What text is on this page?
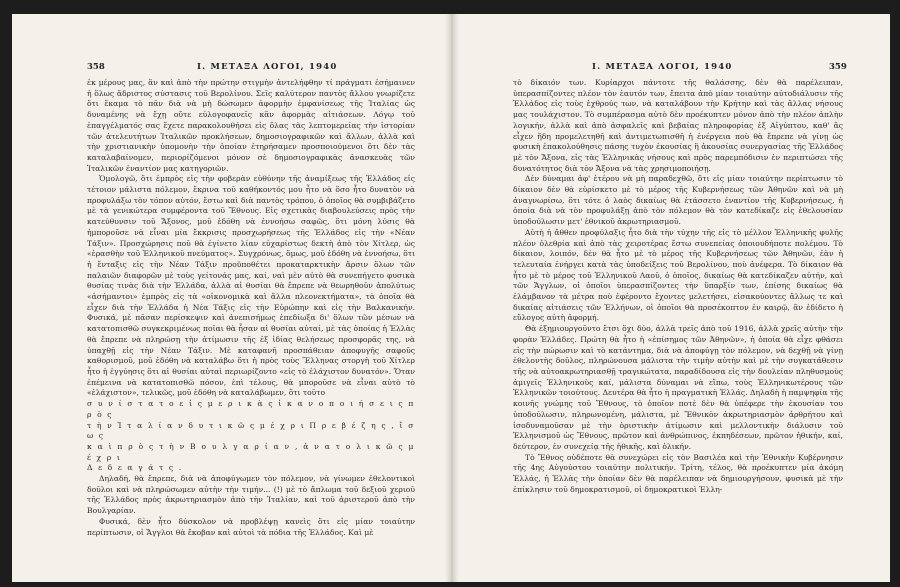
358	Ι. ΜΕΤΑΞΑ ΛΟΓΟΙ, 1940

ἐκ μέρους μας, ἂν καὶ ἀπὸ τὴν πρώτην στιγμὴν ἀντελήφθην τί πράγματι ἐσήμαινεν ἡ ὅλως ἄδριστος σύστασις τοῦ Βερολίνου. Σεῖς καλύτερον παντὸς ἄλλου γνωρίζετε ὅτι ἔκαμα τὸ πᾶν διὰ νὰ μὴ δώσωμεν ἀφορμὴν ἐμφανίσεως τῆς Ἰταλίας ὡς δυναμένης νὰ ἔχῃ οὔτε εὐλογοφανεῖς κἂν ἀφορμὰς αἰτιάσεων. Λόγῳ τοῦ ἐπαγγέλματός σας ἔχετε παρακολουθήσει εἰς ὅλας τὰς λεπτομερείας τὴν ἱστορίαν τῶν ἀτελευτήτων Ἰταλικῶν προκλήσεων, δημοσιογραφικῶν καὶ ἄλλων, ἀλλὰ καὶ τὴν χριστιανικὴν ὑπομονὴν τὴν ὁποίαν ἐτηρήσαμεν προσποιούμενοι ὅτι δὲν τὰς καταλαβαίνομεν, περιορίζόμενοι μόνον σὲ δημοσιογραφικὰς ἀνασκευὰς τῶν Ἰταλικῶν ἐναντίον μας κατηγοριῶν.

Ὁμολογῶ, ὅτι ἐμπρὸς εἰς τὴν φοβερὰν εὐθύνην τῆς ἀναμίξεως τῆς Ἑλλάδος εἰς τέτοιον μάλιστα πόλεμον, ἔκρινα τοῦ καθήκοντός μου ἦτο νὰ ὅσο ἦτο δυνατὸν νὰ προφυλάξω τὸν τόπον αὐτόν, ἔστω καὶ διὰ παντὸς τρόπου, ὁ ὁποῖος θὰ συμβιβάζετο μὲ τὰ γενικώτερα συμφέροντα τοῦ Ἔθνους. Εἰς σχετικὰς διαβουλεύσεις πρὸς τὴν κατεύθυνσιν τοῦ Ἄξονος, μοῦ ἐδόθη νὰ ἐννοήσω σαφῶς, ὅτι μόνη λύσις θὰ ἠμποροῦσε νὰ εἶναι μία ἔκκρισις προσχωρήσεως τῆς Ἑλλάδος εἰς τὴν «Νέαν Τάξιν». Προσχώρησις ποῦ θὰ ἐγίνετο λίαν εὐχαρίστως δεκτὴ ἀπὸ τὸν Χίτλερ, ὡς «ἐρασθὴν τοῦ Ἑλληνικοῦ πνεύματος». Συγχρόνως, ὅμως, μοῦ ἐδόθη νὰ ἐννοήσω, ὅτι ἡ ἔνταξις εἰς τὴν Νέαν Τάξιν προϋποθέτει προκαταρκτικὴν ἄρσιν ὅλων τῶν παλαιῶν διαφορῶν μὲ τοὺς γείτονάς μας, καί, ναὶ μὲν αὐτὸ θὰ συνεπήγετο φυσικὰ θυσίας τινὰς διὰ τὴν Ἑλλάδα, ἀλλὰ αἱ θυσίαι θὰ ἔπρεπε νὰ θεωρηθοῦν ἀπολύτως «ἀσήμαντοι» ἐμπρὸς εἰς τὰ «οἰκονομικὰ καὶ ἄλλα πλεονεκτήματα», τὰ ὁποῖα θὰ εἶχεν διὰ τὴν Ἑλλάδα ἡ Νέα Τάξις εἰς τὴν Εὐρώπην καὶ εἰς τὴν Βαλκανικήν. Φυσικά, μὲ πᾶσαν περίσκεψιν καὶ ἀνεπισήμως ἐπεδίωξα δι' ὅλων τῶν μέσων νὰ κατατοπισθῶ συγκεκριμένως ποῖαι θὰ ἦσαν αἱ θυσίαι αὐταί, μὲ τὰς ὁποίας ἡ Ἑλλὰς θὰ ἔπρεπε νὰ πληρώσῃ τὴν ἀτίμωσιν τῆς ἐξ ἰδίας θελήσεως προσφορᾶς της, νὰ ὑπαχθῇ εἰς τὴν Νέαν Τάξιν. Μὲ καταφανῆ προσπάθειαν ἀποφυγῆς σαφοῦς καθορισμοῦ, μοῦ ἐδόθη νὰ καταλάβω ὅτι ἡ πρὸς τοὺς Ἕλληνας στοργὴ τοῦ Χίτλερ ἦτο ἡ ἐγγύησις ὅτι αἱ θυσίαι αὐταὶ περιωρίζοντο «εἰς τὸ ἐλάχιστον δυνατόν». Ὅταν ἐπέμεινα νὰ κατατοπισθῶ πόσον, ἐπὶ τέλους, θὰ μποροῦσε νὰ εἶναι αὐτὸ τὸ «ἐλάχιστον», τελικῶς, μοῦ ἐδόθη νὰ καταλάβωμεν, ὅτι τοῦτο

σ υ ν ί σ τ α τ ο ε ἰ ς μ ε ρ ι κ ὰ ς ἱ κ α ν ο π ο ι ή σ ε ι ς π ρ ὸ ς

τ ὴ ν Ἰ τ α λ ί α ν δ υ τ ι κ ῶ ς μ έ χ ρ ι Π ρ ε β έ ζ η ς , ἴ σ ω ς

κ α ὶ π ρ ὸ ς τ ὴ ν Β ο υ λ γ α ρ ί α ν , ἀ ν α τ ο λ ι κ ῶ ς μ έ χ ρ ι

Δ ε δ ε α γ ά τ ς .

Δηλαδή, θὰ ἔπρεπε, διὰ νὰ ἀποφύγωμεν τὸν πόλεμον, νὰ γίνωμεν ἐθελοντικοὶ δοῦλοι καὶ νὰ πληρώσωμεν αὐτὴν τὴν τιμήν... (!) μὲ τὸ ἄπλωμα τοῦ δεξιοῦ χεριοῦ τῆς Ἑλλάδος πρὸς ἀκρωτηριασμὸν ἀπὸ τὴν Ἰταλίαν, καὶ τοῦ ἀριστεροῦ ἀπὸ τὴν Βουλγαρίαν.

Φυσικά, δὲν ἦτο δύσκολον νὰ προβλέψῃ κανεὶς ὅτι εἰς μίαν τοιαύτην περίπτωσιν, οἱ Ἄγγλοι θὰ ἔκοβαν καὶ αὐτοὶ τὰ πόδια τῆς Ἑλλάδος. Καὶ μὲ

Ι. ΜΕΤΑΞΑ ΛΟΓΟΙ, 1940	359

τὸ δίκαιόν των. Κυρίαρχοι πάντοτε τῆς θαλάσσης, δὲν θὰ παρέλειπαν, ὑπερασπίζοντες πλέον τὸν ἑαυτόν των, ἔπειτα ἀπὸ μίαν τοιαύτην αὐτοδιάλυσιν τῆς Ἑλλάδος εἰς τοὺς ἐχθρούς των, νὰ καταλάβουν τὴν Κρήτην καὶ τὰς ἄλλας νήσους μας τουλάχιστον. Τὸ συμπέρασμα αὐτὸ δὲν προέκυπτεν μόνον ἀπὸ τὴν πλέον ἁπλὴν λογικήν, ἀλλὰ καὶ ἀπὸ ἀσφαλεῖς καὶ βεβαίας πληροφορίας ἐξ Αἰγύπτου, καθ' ἃς εἶχεν ἤδη προμελετηθῆ καὶ ἀντιμετωπισθῆ ἡ ἐνέργεια ποὺ θὰ ἔπρεπε νὰ γίνῃ ὡς φυσικὴ ἐπακολούθησις πάσης τυχὸν ἐκουσίας ἢ ἀκουσίας συνεργασίας τῆς Ἑλλάδος μὲ τὸν Ἄξονα, εἰς τὰς Ἑλληνικὰς νήσους καὶ πρὸς παρεμπόδισιν ἐν περιπτώσει τῆς δυνατότητος διὰ τὸν Ἄξονα νὰ τὰς χρησιμοποιήσῃ.

Δὲν δύναμαι ἀφ' ἑτέρου νὰ μὴ παραδεχθῶ, ὅτι εἰς μίαν τοιαύτην περίπτωσιν τὸ δίκαιον δὲν θὰ εὑρίσκετο μὲ τὸ μέρος τῆς Κυβερνήσεως τῶν Ἀθηνῶν καὶ νὰ μὴ ἀναγνωρίσω, ὅτι τότε ὁ λαὸς δικαίως θὰ ἐτάσσετο ἐναντίον τῆς Κυβερνήσεως, ἡ ὁποία διὰ νὰ τὸν προφυλάξῃ ἀπὸ τὸν πόλεμον θὰ τὸν κατεδίκαζε εἰς ἐθελουσίαν ὑποδούλωσιν μετ' ἐθνικοῦ ἀκρωτηριασμοῦ.

Αὐτὴ ἡ ἄθθεν προφύλαξις ἦτο διὰ τὴν τύχην τῆς εἰς τὸ μέλλον Ἑλληνικῆς φυλῆς πλέον ὀλεθρία καὶ ἀπὸ τὰς χειροτέρας ἔστω συνεπείας ὁποιουδήποτε πολέμου. Τὸ δίκαιον, λοιπόν, δὲν θὰ ἦτο μὲ τὸ μέρος τῆς Κυβερνήσεως τῶν Ἀθηνῶν, ἐὰν ἡ τελευταία ἐνήργει κατὰ τὰς ὑποδείξεις τοῦ Βερολίνου, ποὺ ἀνέφερα. Τὸ δίκαιον θὰ ἦτο μὲ τὸ μέρος τοῦ Ἑλληνικοῦ Λαοῦ, ὁ ὁποῖος, δικαίως θὰ κατεδίκαζεν αὐτήν, καὶ τῶν Ἄγγλων, οἱ ὁποῖοι ὑπερασπίζοντες τὴν ὕπαρξίν των, ἐπίσης δικαίως θὰ ἐλάμβανον τὰ μέτρα ποὺ ἐφέροντο ἔχοντες μελετήσει, εἰσακούοντες ἄλλως τε καὶ δικαίας αἰτιάσεις τῶν Ἑλλήνων, οἱ ὁποῖοι θὰ προσέκοπτον ἐν καιρῷ, ἂν ἐδίδετο ἡ εὔλογος αὐτὴ ἀφορμή.

Θὰ ἐξημιουργοῦντο ἔτσι ὅχι δύο, ἀλλὰ τρεῖς ἀπὸ τοῦ 1916, ἀλλὰ χρεῖς αὐτὴν τὴν φορὰν Ἑλλάδες. Πρώτη θὰ ἦτο ἡ «ἐπίσημος τῶν Ἀθηνῶν», ἡ ὁποία θὰ εἶχε φθάσει εἰς τὴν πώρωσιν καὶ τὸ κατάντημα, διὰ νὰ ἀποφύγῃ τὸν πόλεμον, νὰ δεχθῇ νὰ γίνῃ ἐθελοντὴς δοῦλος, πληρώνουσα μάλιστα τὴν τιμὴν αὐτὴν καὶ μὲ τὴν συγκατάθεσιν τῆς νὰ αὐτοακρωτηριασθῇ τραγικώτατα, παραδίδουσα εἰς τὴν δουλείαν πληθυσμοὺς ἀμιγεῖς Ἑλληνικοὺς καί, μάλιστα δύναμαι νὰ εἴπω, τοὺς Ἑλληνικωτέρους τῶν Ἑλληνικῶν τοιούτους. Δευτέρα θὰ ἦτο ἡ πραγματικὴ Ἑλλάς. Δηλαδὴ ἡ παμψηφία τῆς κοινῆς γνώμης τοῦ Ἔθνους, τὸ ὁποῖον ποτὲ δὲν θὰ ὑπέφερε τὴν ἐκουσίαν του ὑποδούλωσιν, πληρωνομένη, μάλιστα, μὲ Ἔθνικὸν ἀκρωτηριασμὸν ἀρθρήτου καὶ ἰσοδυναμοῦσαν μὲ τὴν ὁριστικὴν ἀτίμωσιν καὶ μελλοντικὴν διάλυσιν τοῦ Ἑλληνισμοῦ ὡς Ἔθνους, πρῶτον καὶ ἀνθρώπινος, ἐκπηδέσεων, πρῶτον ἠθικήν, καί, δεύτερον, ἐν συνεχείᾳ τῆς ἠθικῆς, καὶ ὁλικήν.

Τὸ Ἔθνος οὐδέποτε θὰ συνεχώρει εἰς τὸν Βασιλέα καὶ τὴν Ἐθνικὴν Κυβέρνησιν τῆς 4ης Αὐγούστου τοιαύτην πολιτικήν. Τρίτη, τέλος, θὰ προέκυπτεν μία ἀκόμη Ἑλλάς, ἡ Ἑλλὰς τὴν ὁποίαν δὲν θὰ παρέλειπαν νὰ δημιουργήσουν, φυσικὰ μὲ τὴν ἐπίκλησιν τοῦ δημοκρατισμοῦ, οἱ δημοκρατικοὶ Ἑλλη-
